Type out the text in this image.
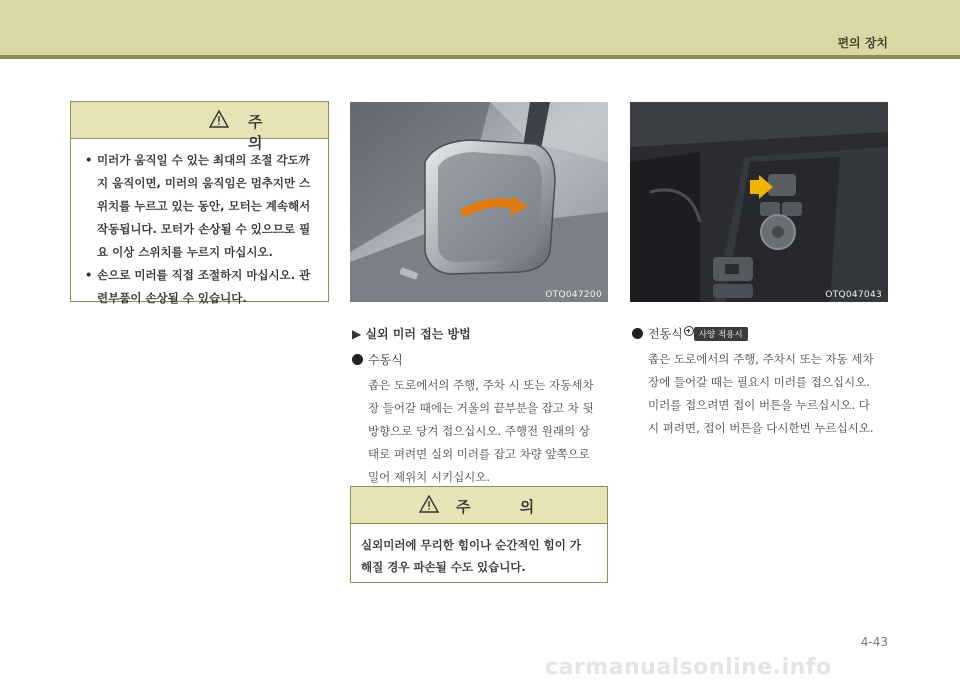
편의 장치
주 의
• 미러가 움직일 수 있는 최대의 조절 각도까지 움직이면, 미러의 움직임은 멈추지만 스위치를 누르고 있는 동안, 모터는 계속해서 작동됩니다. 모터가 손상될 수 있으므로 필요 이상 스위치를 누르지 마십시오.
• 손으로 미러를 직접 조절하지 마십시오. 관련부품이 손상될 수 있습니다.	OTQ047200	OTQ047043
▶ 실외 미러 접는 방법
수동식
좁은 도로에서의 주행, 주차 시 또는 자동세차
장 들어갈 때에는 거울의 끝부분을 잡고 차 뒷
방향으로 당겨 접으십시오. 주행전 원래의 상
태로 펴려면 실외 미러를 잡고 차량 앞쪽으로
밀어 제위치 시키십시오.
주 의
실외미러에 무리한 힘이나 순간적인 힘이 가
해질 경우 파손될 수도 있습니다.
전동식 사양 적용시
좁은 도로에서의 주행, 주차시 또는 자동 세차
장에 들어갈 때는 필요시 미러를 접으십시오.
미러를 접으려면 접이 버튼을 누르십시오. 다
시 펴려면, 접이 버튼을 다시한번 누르십시오.
4-43
carmanualsonline.info
